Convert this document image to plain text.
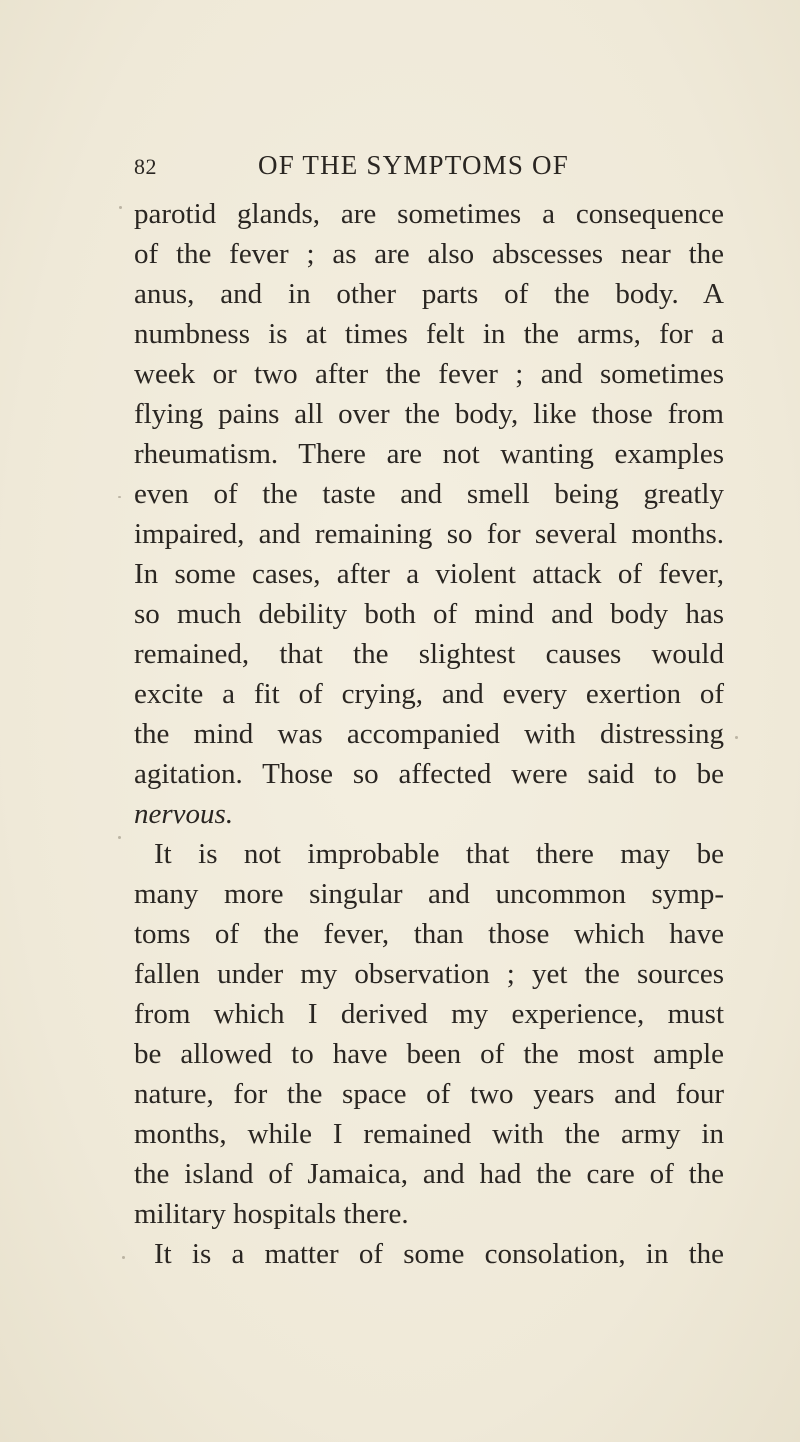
82	OF THE SYMPTOMS OF
parotid glands, are sometimes a consequence
of the fever ; as are also abscesses near the
anus, and in other parts of the body. A
numbness is at times felt in the arms, for a
week or two after the fever ; and sometimes
flying pains all over the body, like those from
rheumatism. There are not wanting examples
even of the taste and smell being greatly
impaired, and remaining so for several months.
In some cases, after a violent attack of fever,
so much debility both of mind and body has
remained, that the slightest causes would
excite a fit of crying, and every exertion of
the mind was accompanied with distressing
agitation. Those so affected were said to be
nervous.
It is not improbable that there may be
many more singular and uncommon symp-
toms of the fever, than those which have
fallen under my observation ; yet the sources
from which I derived my experience, must
be allowed to have been of the most ample
nature, for the space of two years and four
months, while I remained with the army in
the island of Jamaica, and had the care of the
military hospitals there.
It is a matter of some consolation, in the
